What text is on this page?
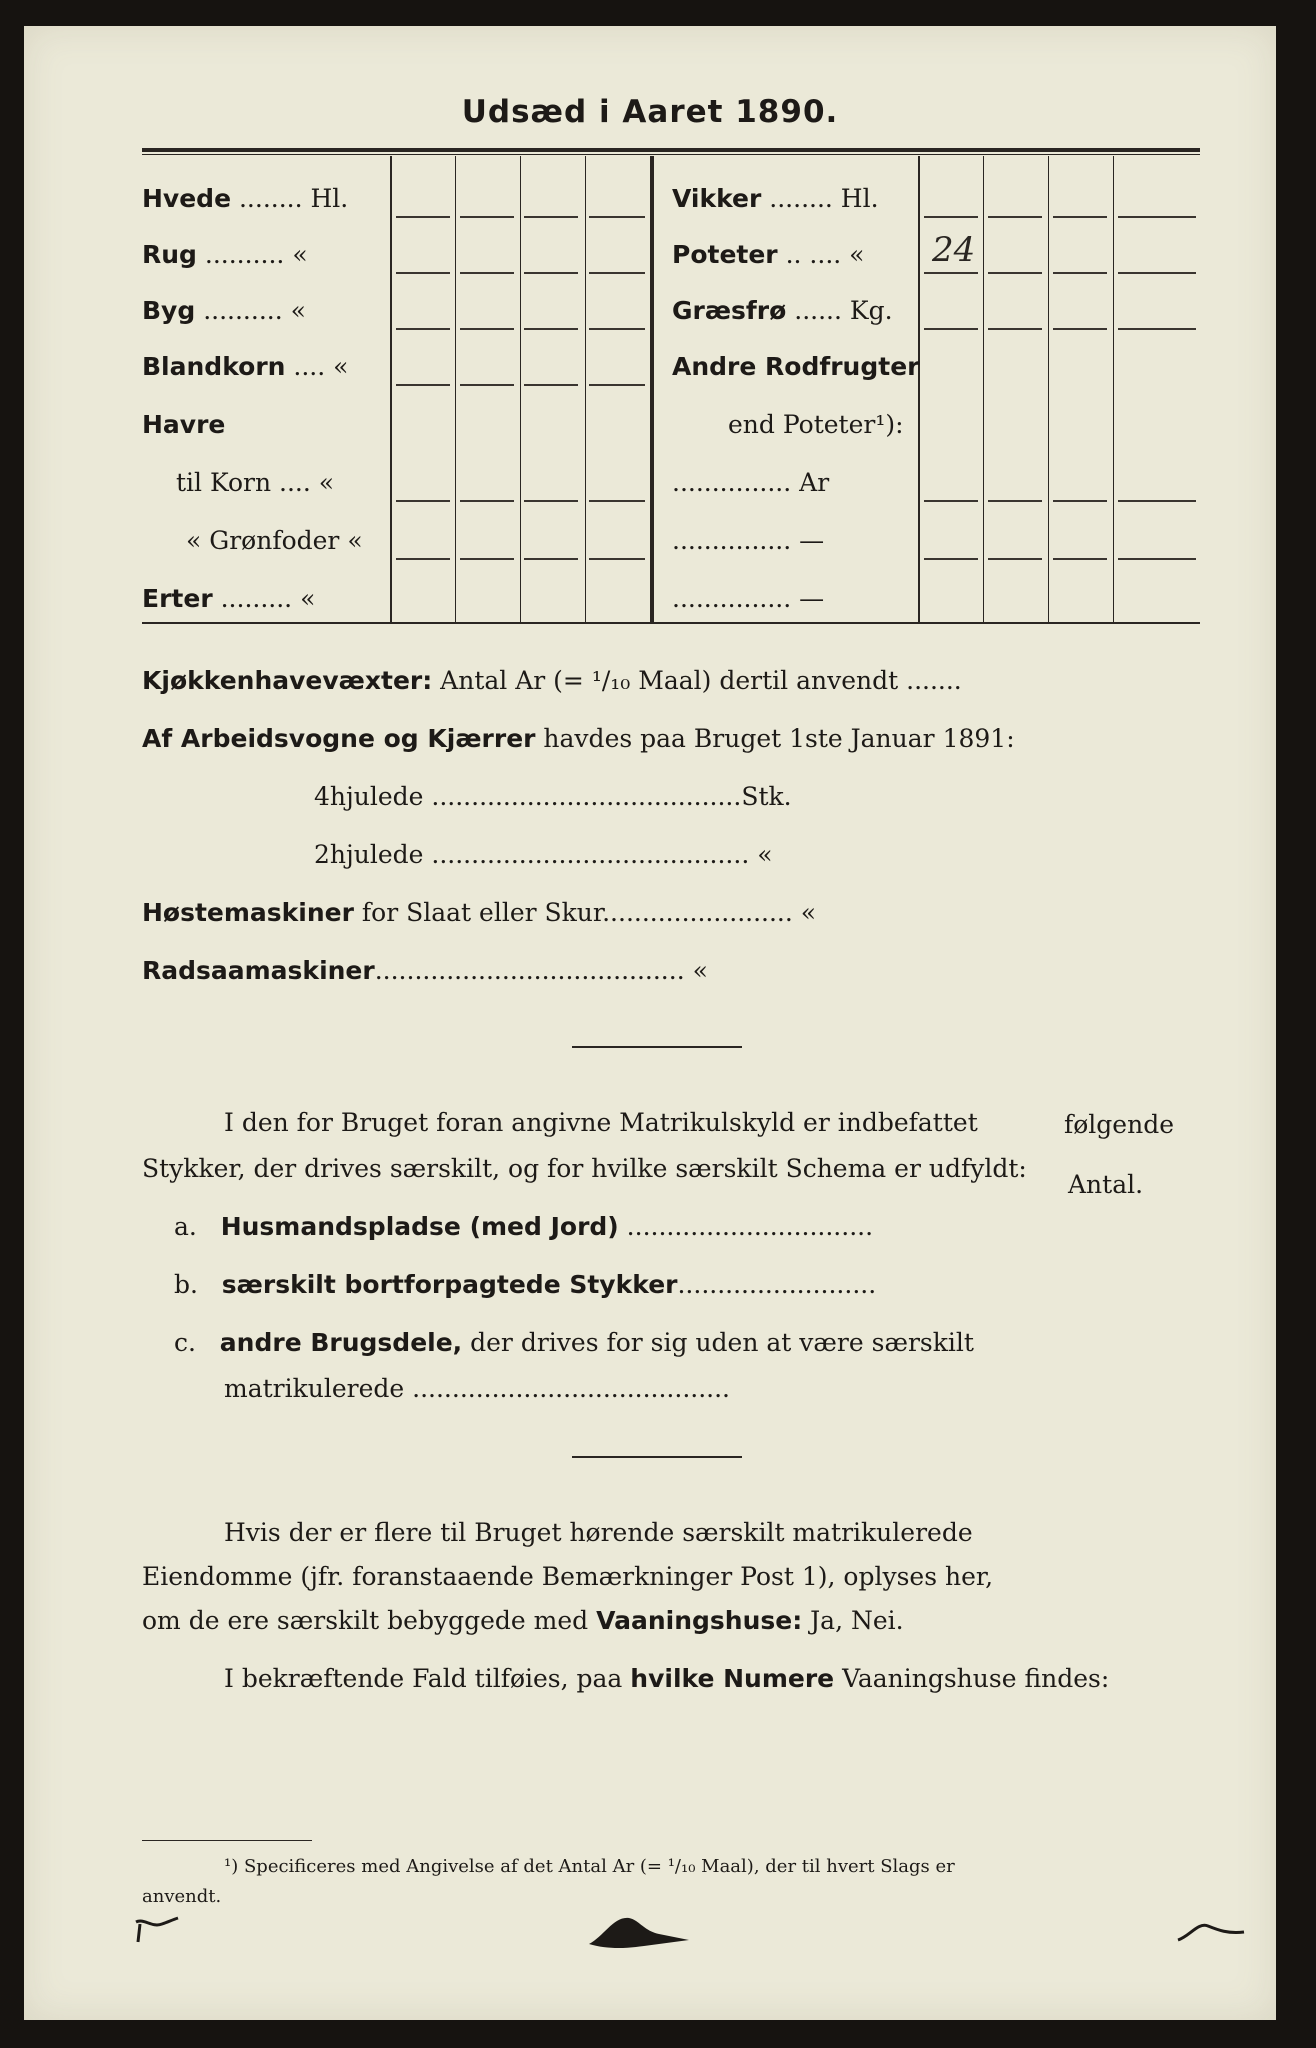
Udsæd i Aaret 1890.
Hvede ........ Hl.
Rug .......... «
Byg .......... «
Blandkorn .... «
Havre
til Korn .... «
« Grønfoder «
Erter ......... «
Vikker ........ Hl.
Poteter .. .... «
Græsfrø ...... Kg.
Andre Rodfrugter
end Poteter¹):
............... Ar
............... —
............... —
24
Kjøkkenhavevæxter: Antal Ar (= ¹/₁₀ Maal) dertil anvendt .......
Af Arbeidsvogne og Kjærrer havdes paa Bruget 1ste Januar 1891:
4hjulede .......................................Stk.
2hjulede ........................................ «
Høstemaskiner for Slaat eller Skur........................ «
Radsaamaskiner....................................... «
I den for Bruget foran angivne Matrikulskyld er indbefattet	følgende
Stykker, der drives særskilt, og for hvilke særskilt Schema er udfyldt:
Antal.
a. Husmandspladse (med Jord) ...............................
b. særskilt bortforpagtede Stykker.........................
c. andre Brugsdele, der drives for sig uden at være særskilt
matrikulerede ........................................
Hvis der er flere til Bruget hørende særskilt matrikulerede
Eiendomme (jfr. foranstaaende Bemærkninger Post 1), oplyses her,
om de ere særskilt bebyggede med Vaaningshuse: Ja, Nei.
I bekræftende Fald tilføies, paa hvilke Numere Vaaningshuse findes:
¹) Specificeres med Angivelse af det Antal Ar (= ¹/₁₀ Maal), der til hvert Slags er
anvendt.
